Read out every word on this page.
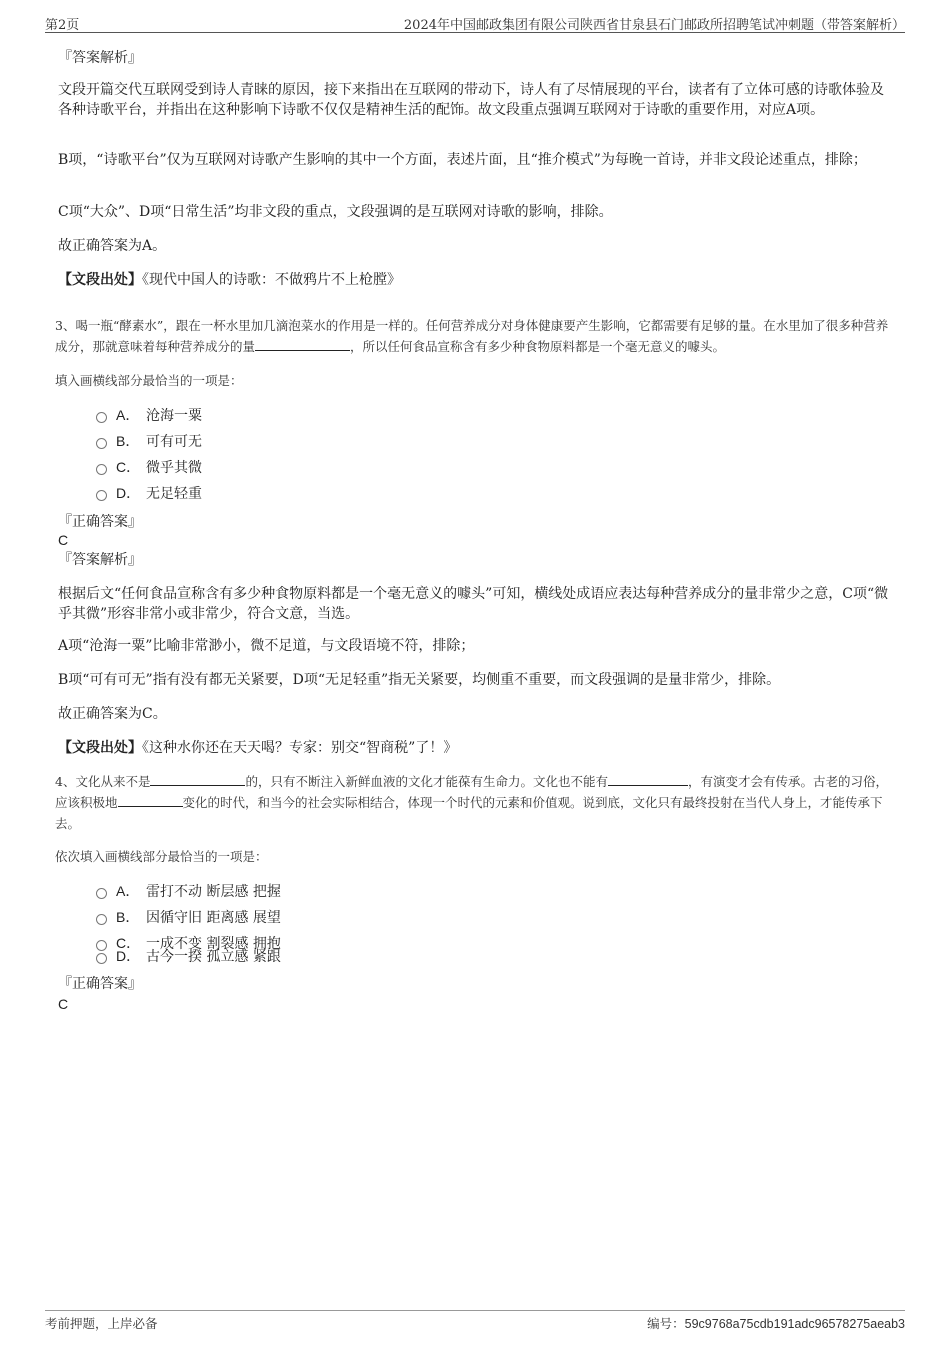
第2页	2024年中国邮政集团有限公司陕西省甘泉县石门邮政所招聘笔试冲刺题（带答案解析）
『答案解析』

文段开篇交代互联网受到诗人青睐的原因，接下来指出在互联网的带动下，诗人有了尽情展现的平台，读者有了立体可感的诗歌体验及各种诗歌平台，并指出在这种影响下诗歌不仅仅是精神生活的配饰。故文段重点强调互联网对于诗歌的重要作用，对应A项。

B项，“诗歌平台”仅为互联网对诗歌产生影响的其中一个方面，表述片面，且“推介模式”为每晚一首诗，并非文段论述重点，排除；

C项“大众”、D项“日常生活”均非文段的重点，文段强调的是互联网对诗歌的影响，排除。

故正确答案为A。

【文段出处】《现代中国人的诗歌：不做鸦片不上枪膛》
3、喝一瓶“酵素水”，跟在一杯水里加几滴泡菜水的作用是一样的。任何营养成分对身体健康要产生影响，它都需要有足够的量。在水里加了很多种营养成分，那就意味着每种营养成分的量	，所以任何食品宣称含有多少种食物原料都是一个毫无意义的噱头。
填入画横线部分最恰当的一项是：
A． 沧海一粟
B． 可有可无
C． 微乎其微
D． 无足轻重
『正确答案』
C
『答案解析』

根据后文“任何食品宣称含有多少种食物原料都是一个毫无意义的噱头”可知，横线处成语应表达每种营养成分的量非常少之意，C项“微乎其微”形容非常小或非常少，符合文意，当选。

A项“沧海一粟”比喻非常渺小，微不足道，与文段语境不符，排除；

B项“可有可无”指有没有都无关紧要，D项“无足轻重”指无关紧要，均侧重不重要，而文段强调的是量非常少，排除。

故正确答案为C。

【文段出处】《这种水你还在天天喝？专家：别交“智商税”了！》
4、文化从来不是	的，只有不断注入新鲜血液的文化才能葆有生命力。文化也不能有	，有演变才会有传承。古老的习俗，应该积极地	变化的时代，和当今的社会实际相结合，体现一个时代的元素和价值观。说到底，文化只有最终投射在当代人身上，才能传承下去。
依次填入画横线部分最恰当的一项是：
A． 雷打不动 断层感 把握
B． 因循守旧 距离感 展望
C． 一成不变 割裂感 拥抱
D． 古今一揆 孤立感 紧跟
『正确答案』
C
考前押题，上岸必备	编号：59c9768a75cdb191adc96578275aeab3
